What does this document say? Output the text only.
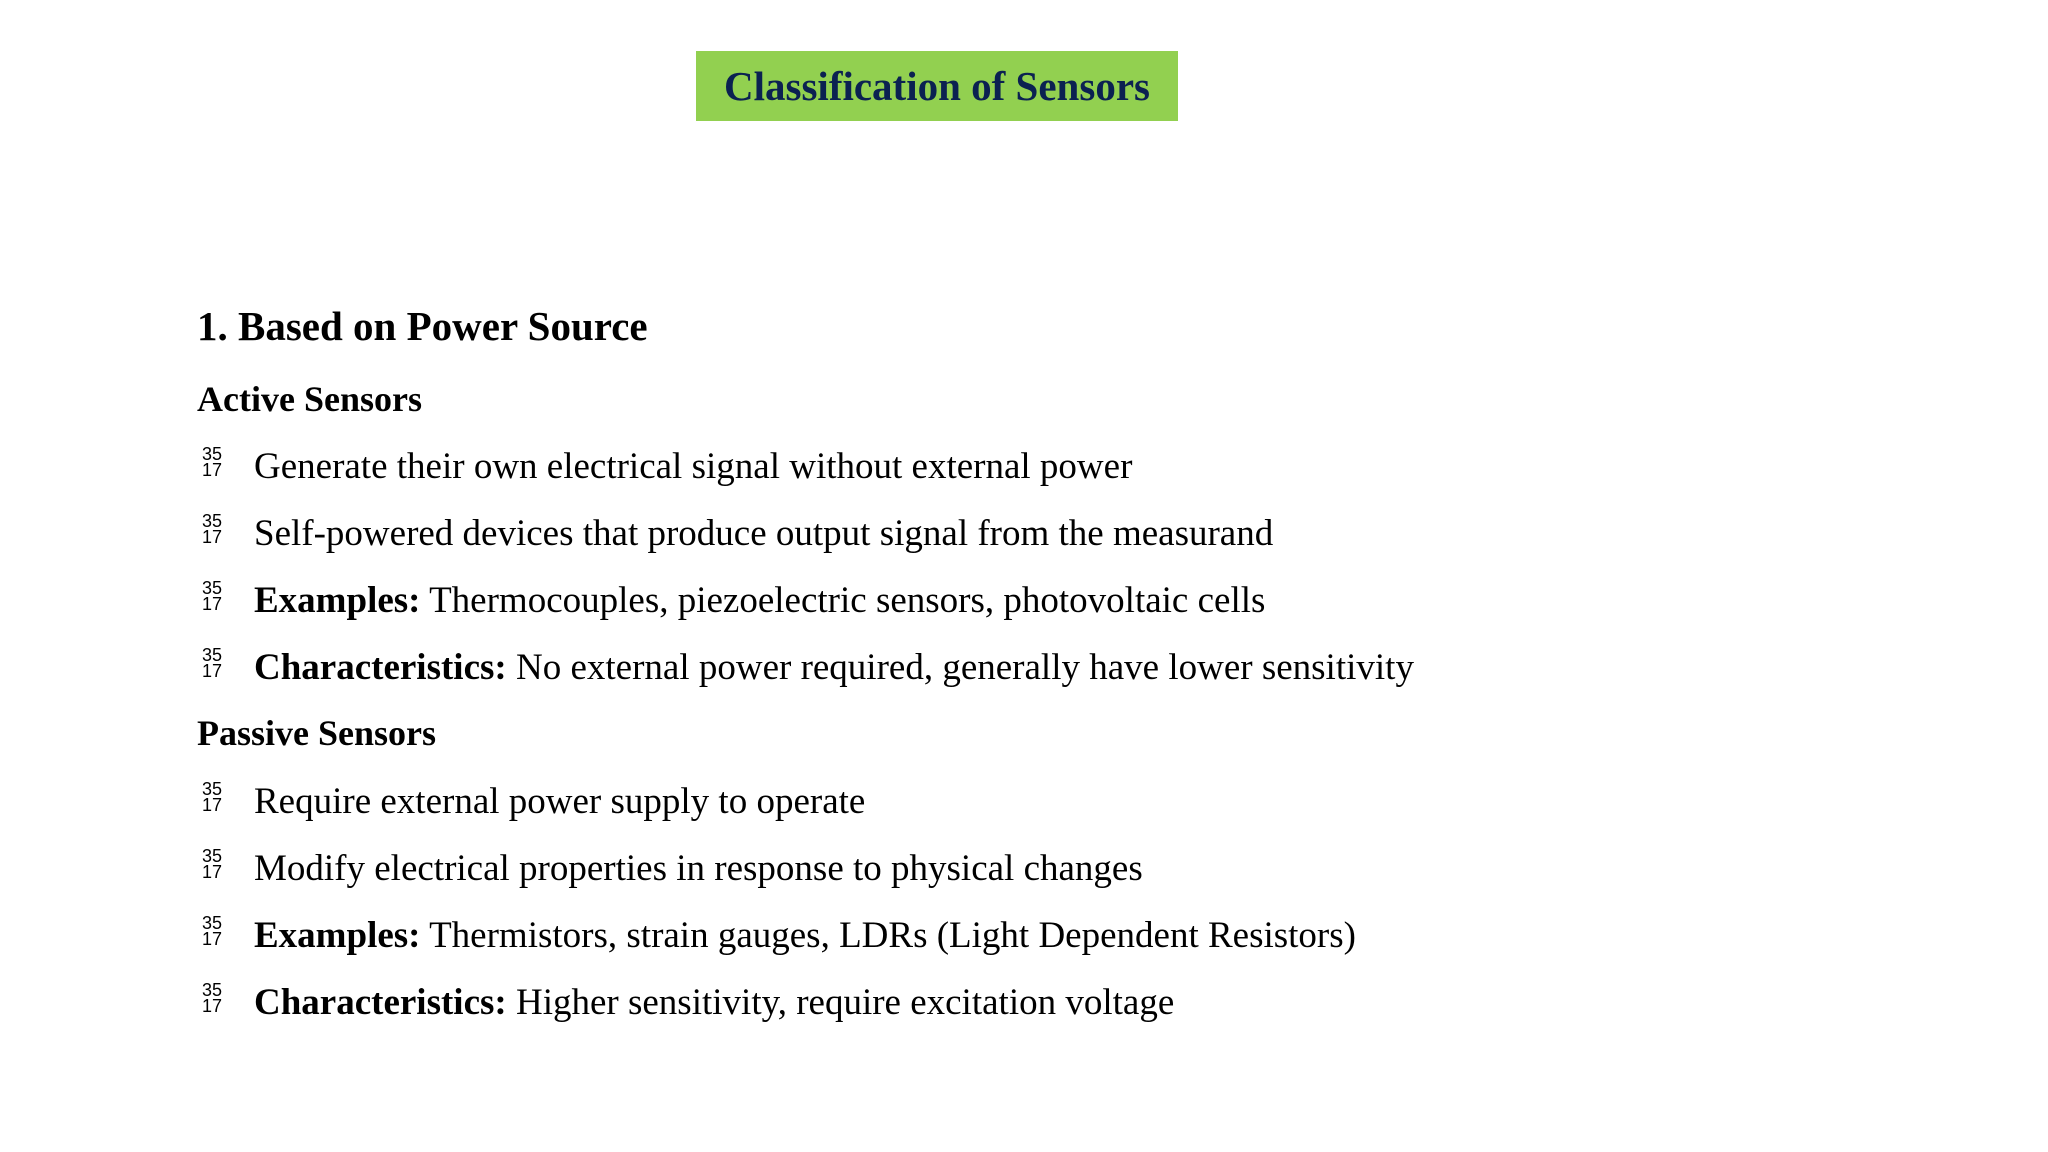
Classification of Sensors
1. Based on Power Source
Active Sensors
35
17 Generate their own electrical signal without external power
35
17 Self-powered devices that produce output signal from the measurand
35
17 Examples: Thermocouples, piezoelectric sensors, photovoltaic cells
35
17 Characteristics: No external power required, generally have lower sensitivity
Passive Sensors
35
17 Require external power supply to operate
35
17 Modify electrical properties in response to physical changes
35
17 Examples: Thermistors, strain gauges, LDRs (Light Dependent Resistors)
35
17 Characteristics: Higher sensitivity, require excitation voltage
